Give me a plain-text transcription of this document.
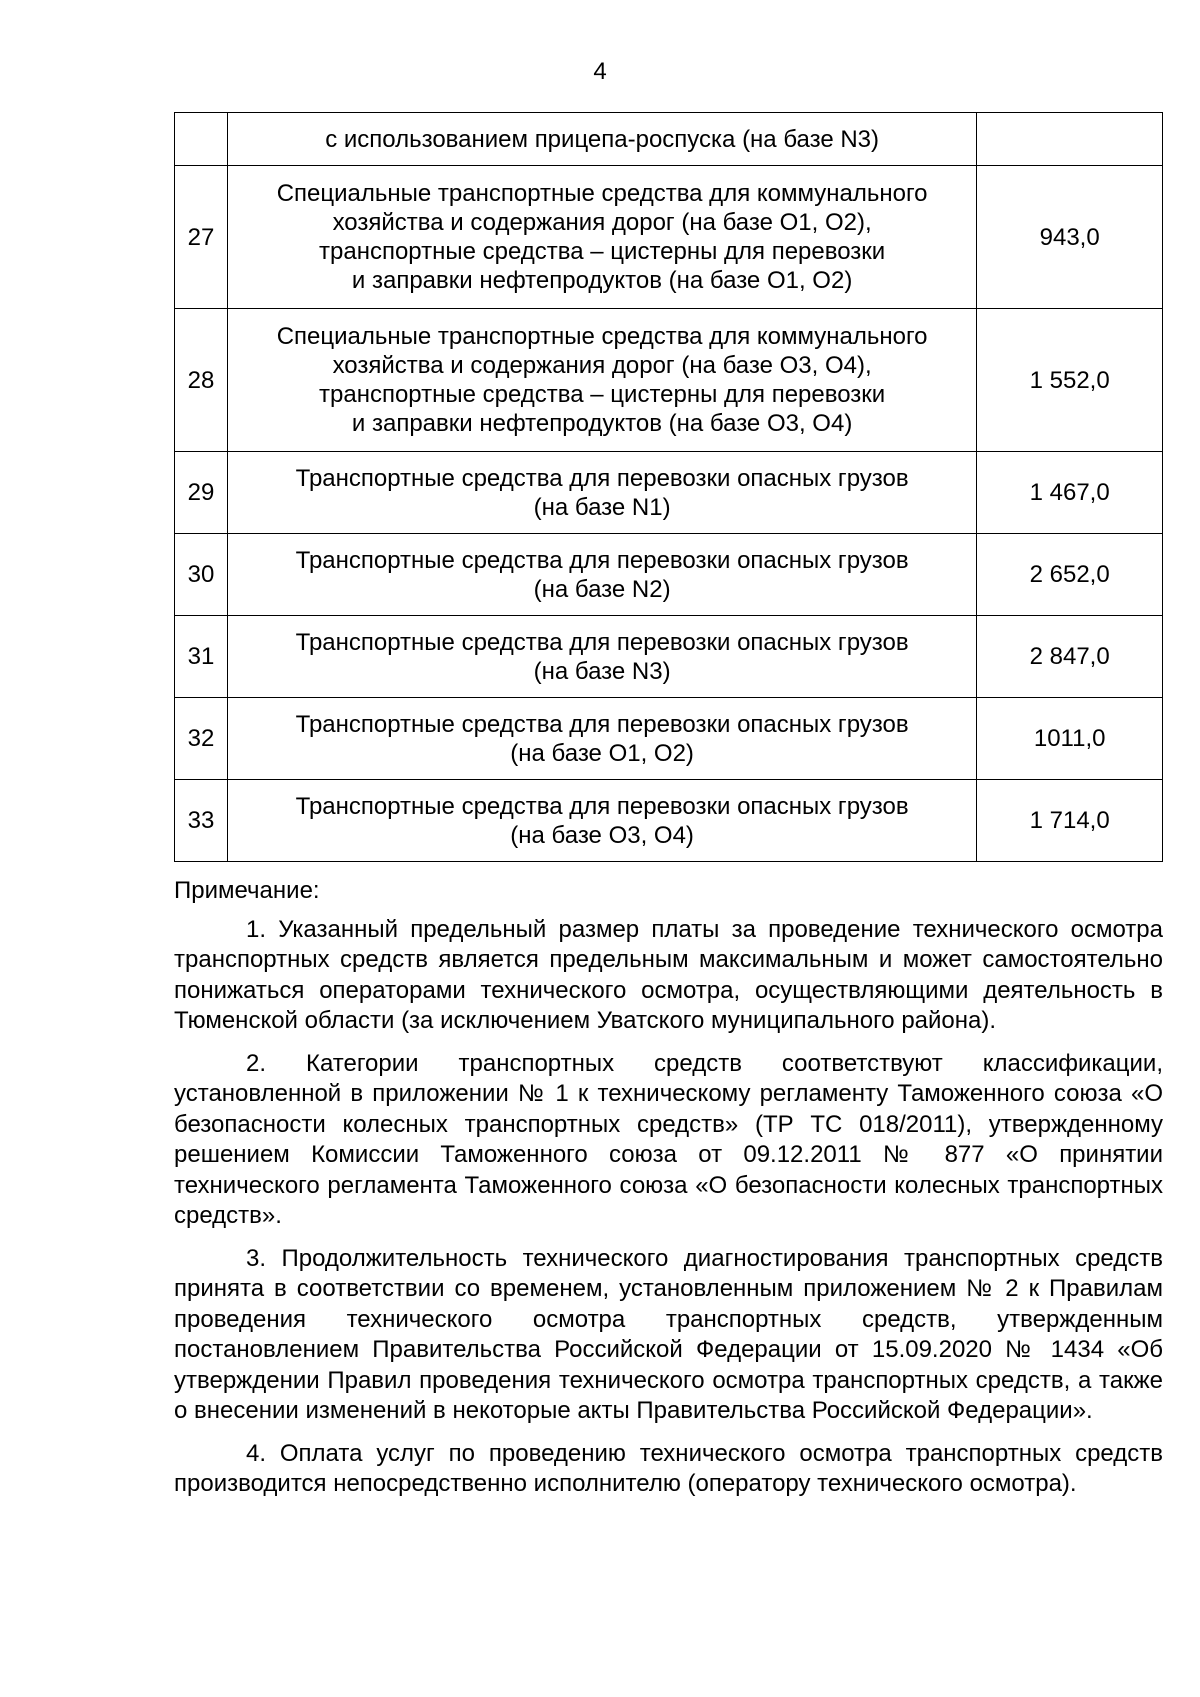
4

	с использованием прицепа-роспуска (на базе N3)	

27	Специальные транспортные средства для коммунального
хозяйства и содержания дорог (на базе O1, O2),
транспортные средства – цистерны для перевозки
и заправки нефтепродуктов (на базе O1, O2)	943,0
28	Специальные транспортные средства для коммунального
хозяйства и содержания дорог (на базе O3, O4),
транспортные средства – цистерны для перевозки
и заправки нефтепродуктов (на базе O3, O4)	1 552,0
29	Транспортные средства для перевозки опасных грузов
(на базе N1)	1 467,0
30	Транспортные средства для перевозки опасных грузов
(на базе N2)	2 652,0
31	Транспортные средства для перевозки опасных грузов
(на базе N3)	2 847,0
32	Транспортные средства для перевозки опасных грузов
(на базе O1, O2)	1011,0
33	Транспортные средства для перевозки опасных грузов
(на базе O3, O4)	1 714,0

Примечание:

1. Указанный предельный размер платы за проведение технического осмотра транспортных средств является предельным максимальным и может самостоятельно понижаться операторами технического осмотра, осуществляющими деятельность в Тюменской области (за исключением Уватского муниципального района).

2. Категории транспортных средств соответствуют классификации, установленной в приложении № 1 к техническому регламенту Таможенного союза «О безопасности колесных транспортных средств» (ТР ТС 018/2011), утвержденному решением Комиссии Таможенного союза от 09.12.2011 № 877 «О принятии технического регламента Таможенного союза «О безопасности колесных транспортных средств».

3. Продолжительность технического диагностирования транспортных средств принята в соответствии со временем, установленным приложением № 2 к Правилам проведения технического осмотра транспортных средств, утвержденным постановлением Правительства Российской Федерации от 15.09.2020 № 1434 «Об утверждении Правил проведения технического осмотра транспортных средств, а также о внесении изменений в некоторые акты Правительства Российской Федерации».

4. Оплата услуг по проведению технического осмотра транспортных средств производится непосредственно исполнителю (оператору технического осмотра).
